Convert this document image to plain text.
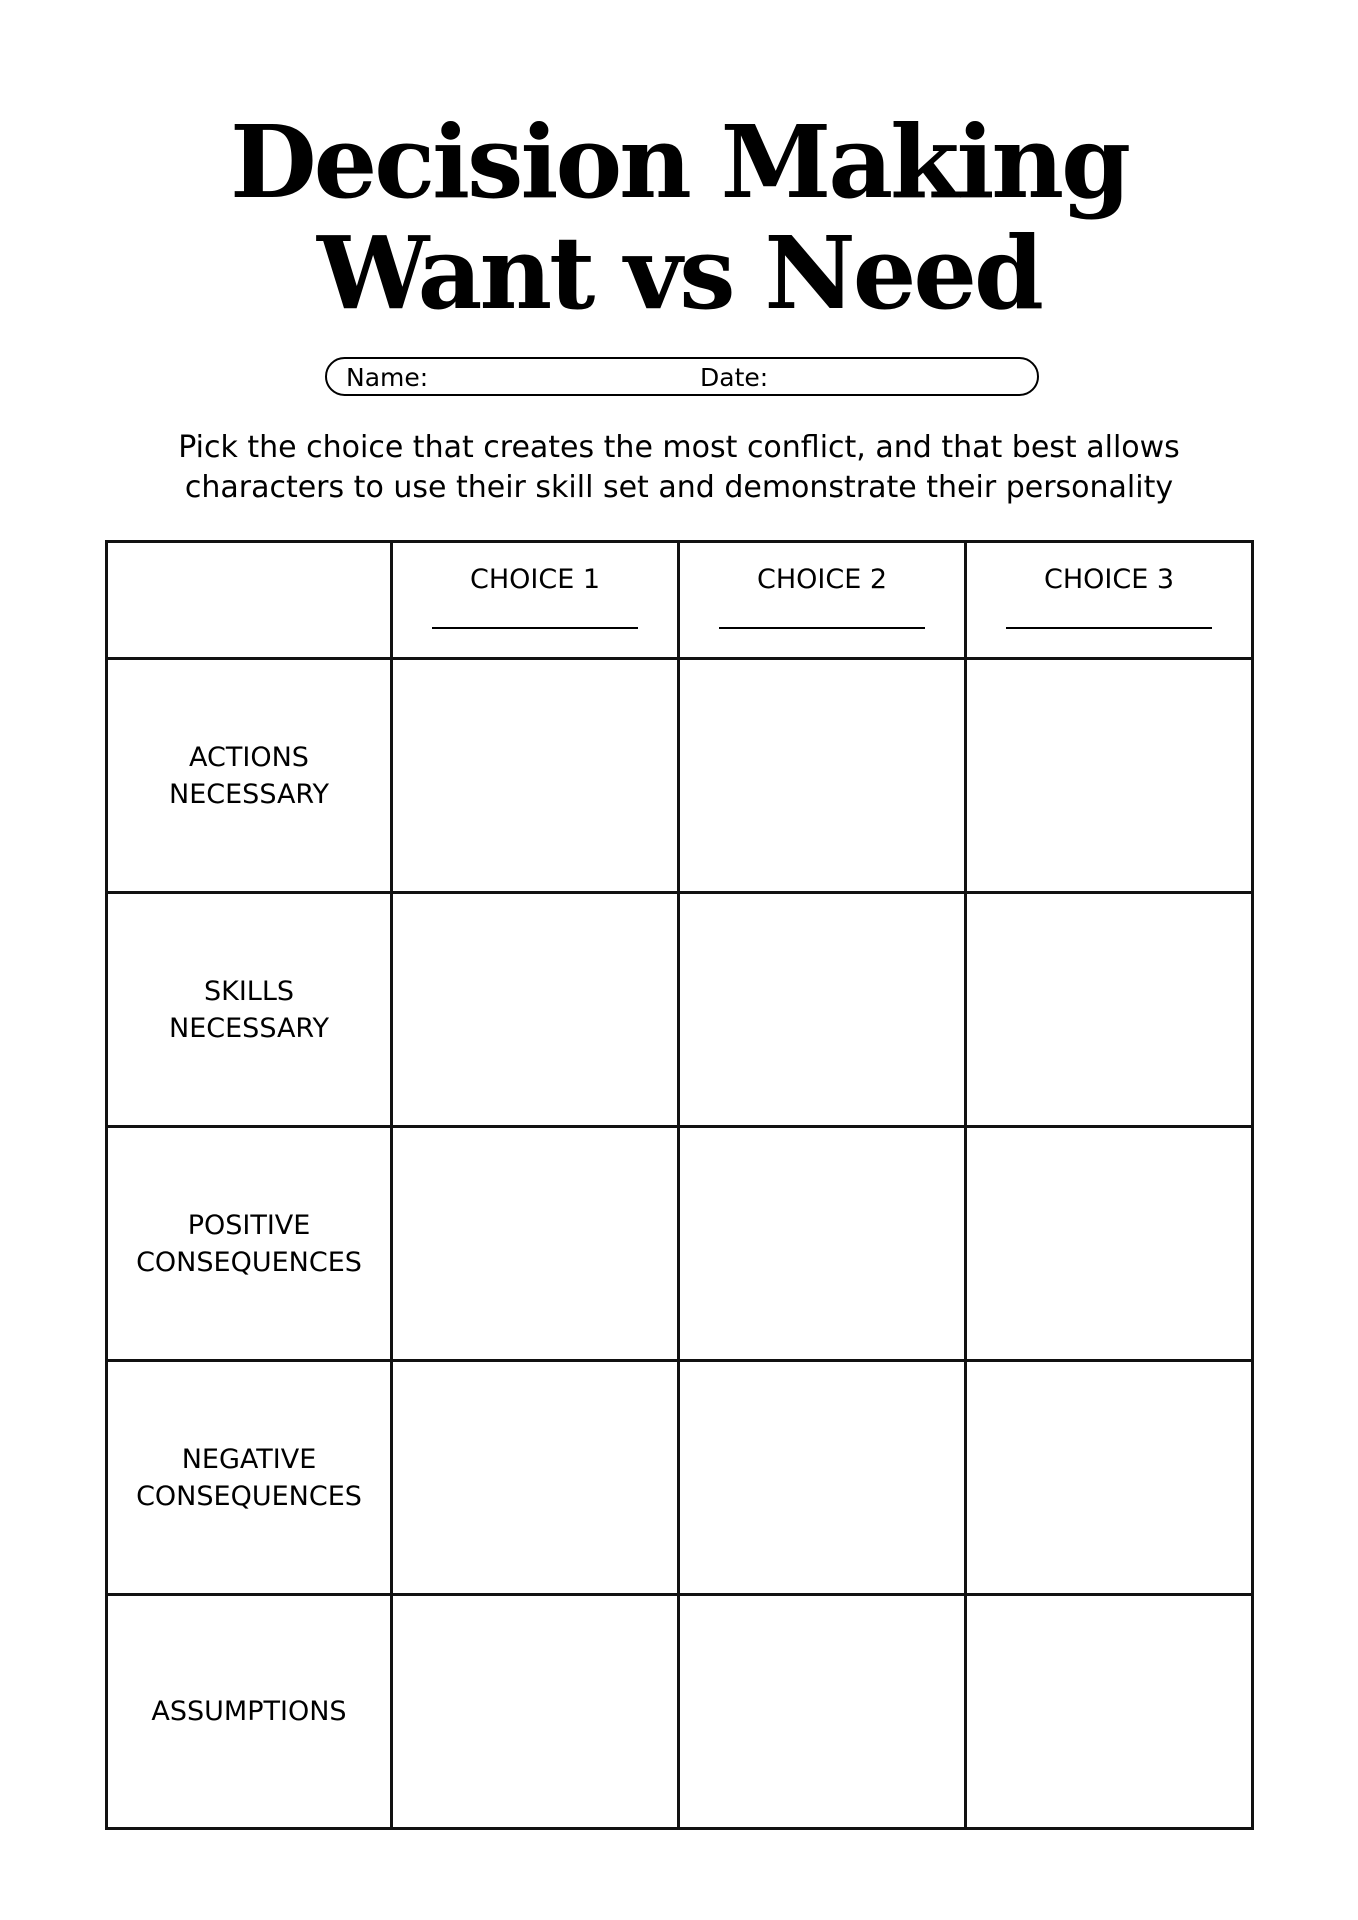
Decision Making
Want vs Need
Name:	Date:
Pick the choice that creates the most conflict, and that best allows
characters to use their skill set and demonstrate their personality

	CHOICE 1	CHOICE 2	CHOICE 3

ACTIONS
NECESSARY			

SKILLS
NECESSARY			

POSITIVE
CONSEQUENCES			

NEGATIVE
CONSEQUENCES			

ASSUMPTIONS			
